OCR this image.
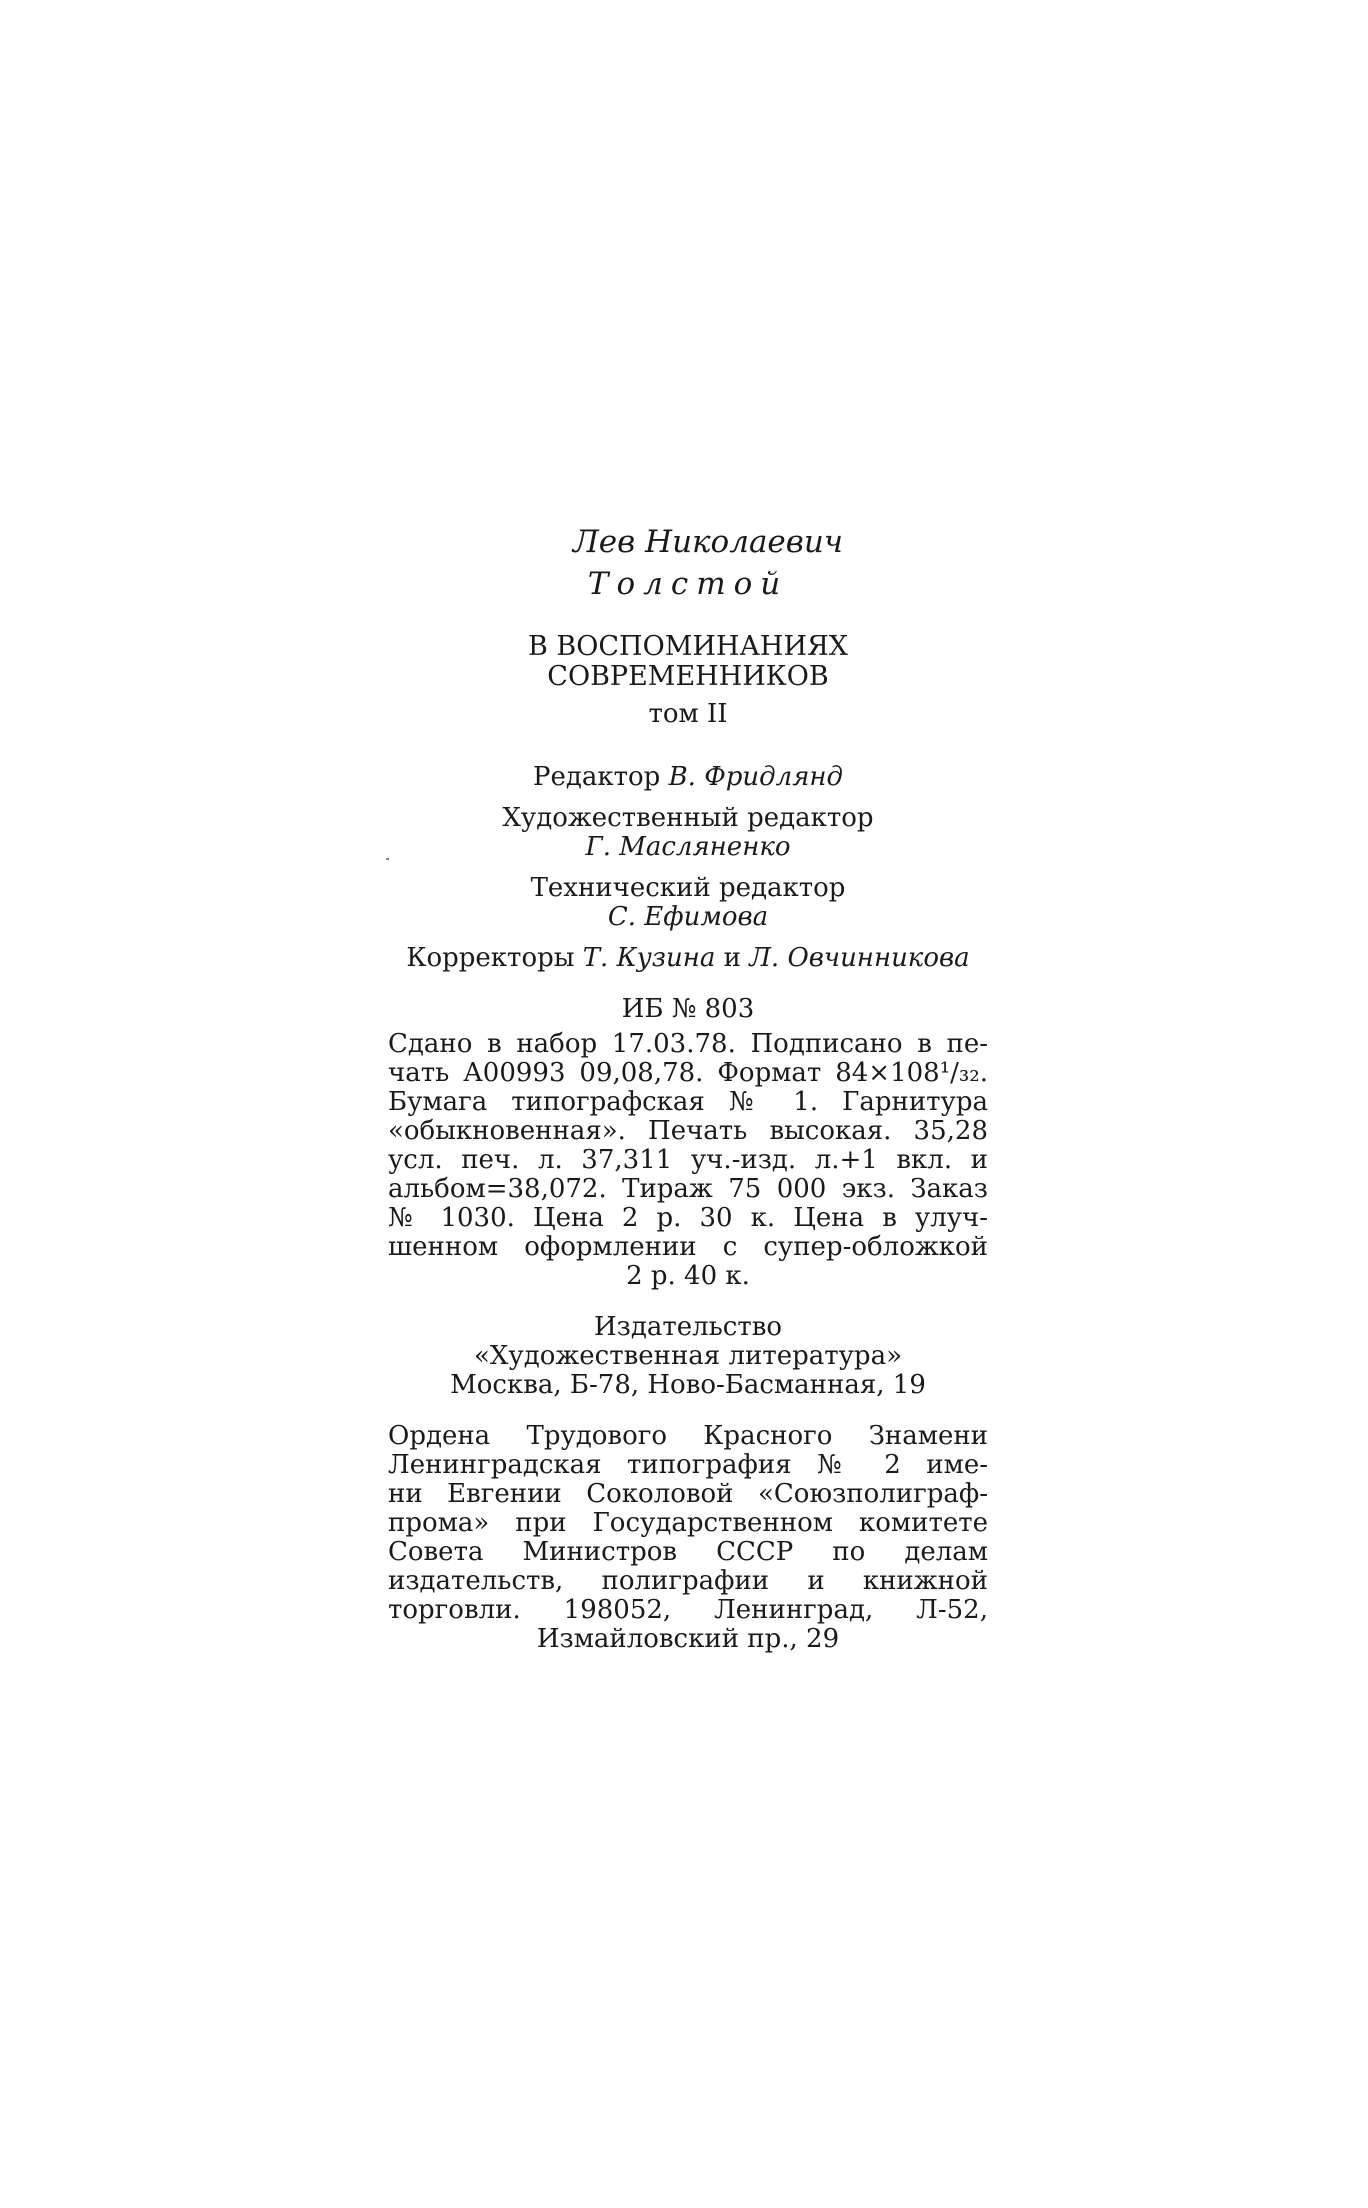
Лев Николаевич
Толстой
В ВОСПОМИНАНИЯХ
СОВРЕМЕННИКОВ
том II
Редактор В. Фридлянд
Художественный редактор
Г. Масляненко
Технический редактор
С. Ефимова
Корректоры Т. Кузина и Л. Овчинникова
ИБ № 803
Сдано в набор 17.03.78. Подписано в пе-
чать А00993 09,08,78. Формат 84×108¹/₃₂.
Бумага типографская № 1. Гарнитура
«обыкновенная». Печать высокая. 35,28
усл. печ. л. 37,311 уч.-изд. л.+1 вкл. и
альбом=38,072. Тираж 75 000 экз. Заказ
№ 1030. Цена 2 р. 30 к. Цена в улуч-
шенном оформлении с супер-обложкой
2 р. 40 к.
Издательство
«Художественная литература»
Москва, Б-78, Ново-Басманная, 19
Ордена Трудового Красного Знамени
Ленинградская типография № 2 име-
ни Евгении Соколовой «Союзполиграф-
прома» при Государственном комитете
Совета Министров СССР по делам
издательств, полиграфии и книжной
торговли. 198052, Ленинград, Л-52,
Измайловский пр., 29
